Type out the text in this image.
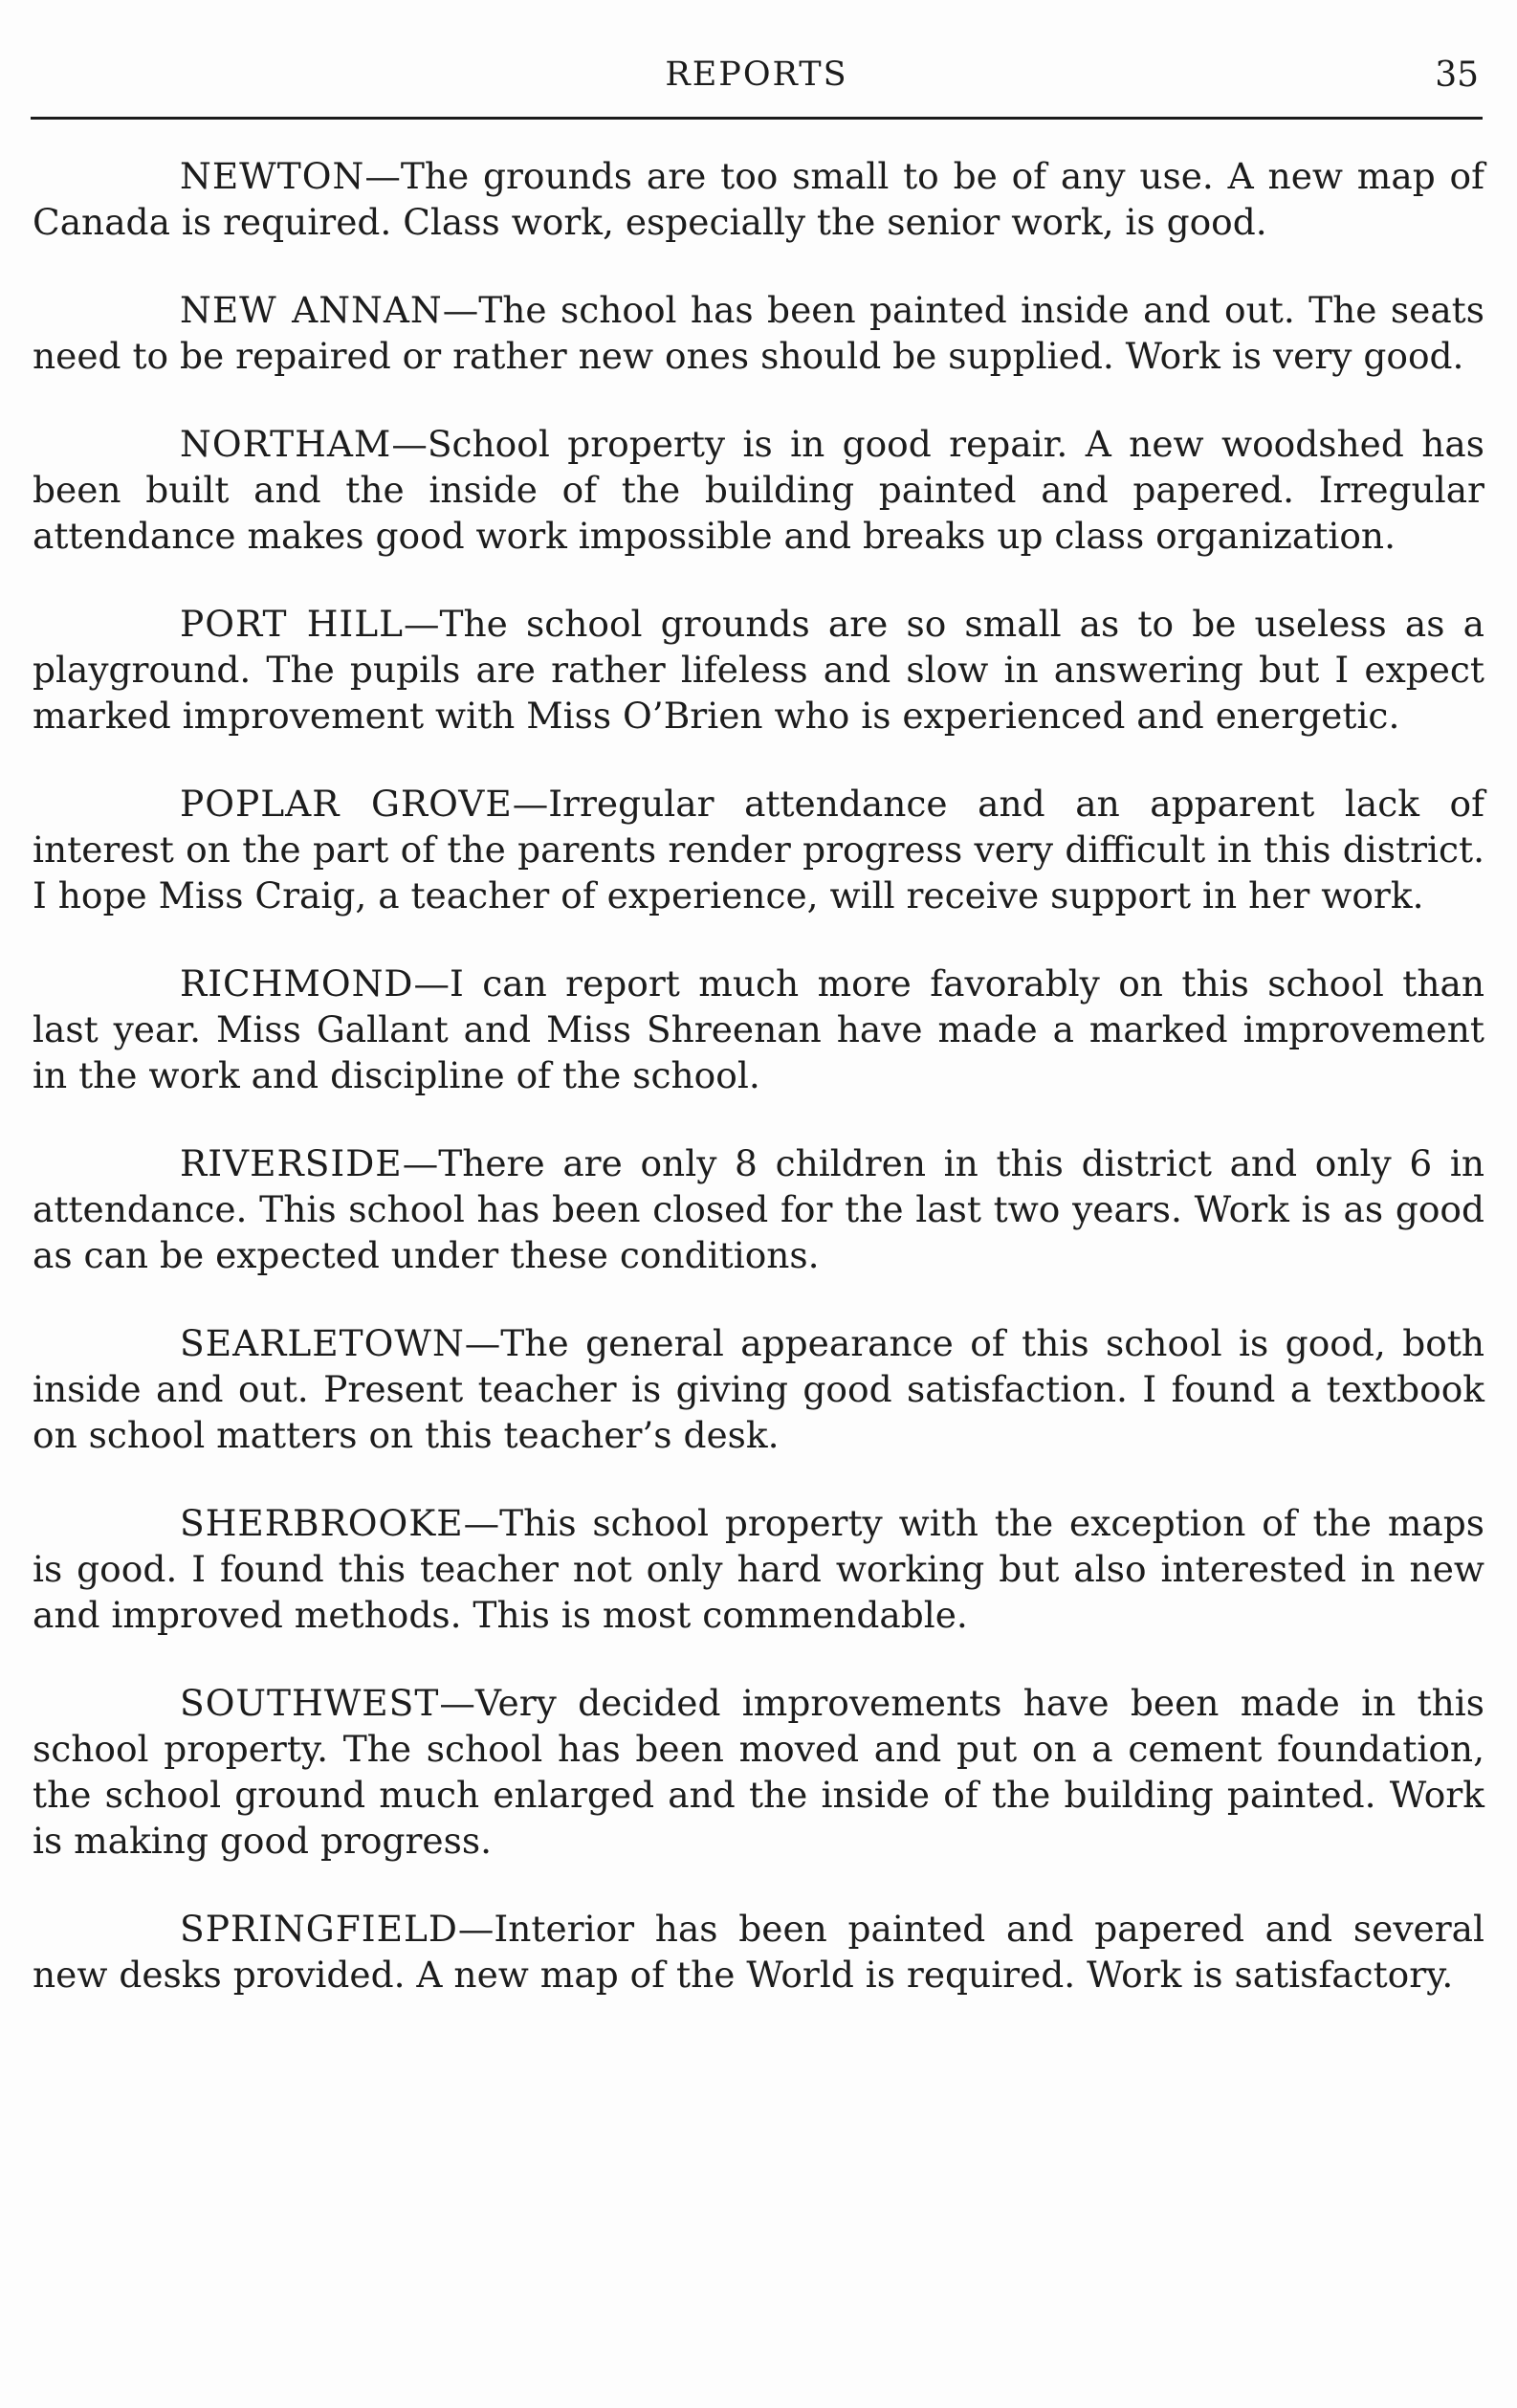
REPORTS	35

NEWTON—The grounds are too small to be of any use. A new map of Canada is required. Class work, especially the senior work, is good.

NEW ANNAN—The school has been painted inside and out. The seats need to be repaired or rather new ones should be supplied. Work is very good.

NORTHAM—School property is in good repair. A new woodshed has been built and the inside of the building painted and papered. Irregular attendance makes good work impossible and breaks up class organization.

PORT HILL—The school grounds are so small as to be useless as a playground. The pupils are rather lifeless and slow in answering but I expect marked improvement with Miss O’Brien who is experienced and energetic.

POPLAR GROVE—Irregular attendance and an apparent lack of interest on the part of the parents render progress very difficult in this district. I hope Miss Craig, a teacher of experience, will receive support in her work.

RICHMOND—I can report much more favorably on this school than last year. Miss Gallant and Miss Shreenan have made a marked improvement in the work and discipline of the school.

RIVERSIDE—There are only 8 children in this district and only 6 in attendance. This school has been closed for the last two years. Work is as good as can be expected under these conditions.

SEARLETOWN—The general appearance of this school is good, both inside and out. Present teacher is giving good satisfaction. I found a textbook on school matters on this teacher’s desk.

SHERBROOKE—This school property with the exception of the maps is good. I found this teacher not only hard working but also interested in new and improved methods. This is most commendable.

SOUTHWEST—Very decided improvements have been made in this school property. The school has been moved and put on a cement foundation, the school ground much enlarged and the inside of the building painted. Work is making good progress.

SPRINGFIELD—Interior has been painted and papered and several new desks provided. A new map of the World is required. Work is satisfactory.
